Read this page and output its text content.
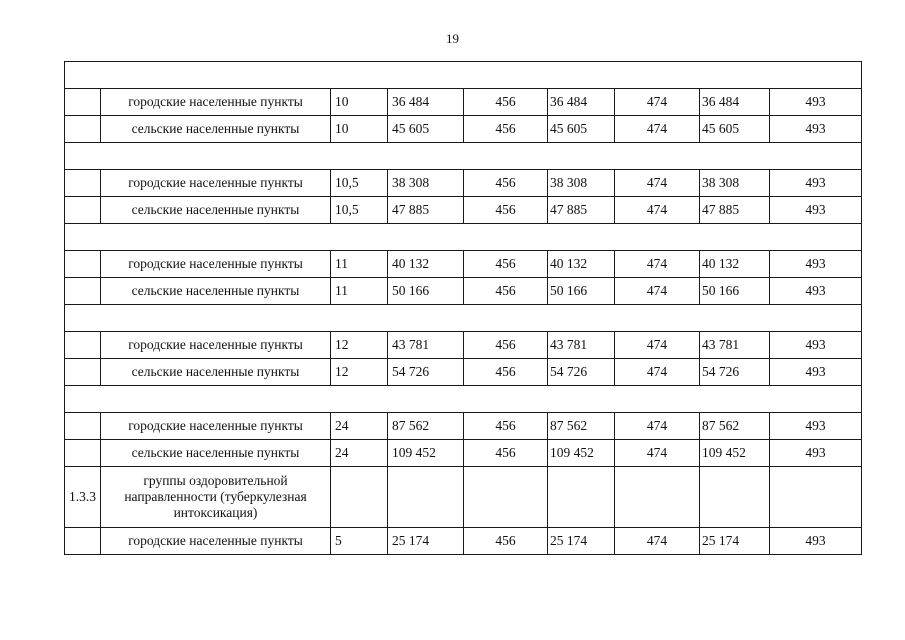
19

	городские населенные пункты	10	36 484	456	36 484	474	36 484	493
	сельские населенные пункты	10	45 605	456	45 605	474	45 605	493

	городские населенные пункты	10,5	38 308	456	38 308	474	38 308	493
	сельские населенные пункты	10,5	47 885	456	47 885	474	47 885	493

	городские населенные пункты	11	40 132	456	40 132	474	40 132	493
	сельские населенные пункты	11	50 166	456	50 166	474	50 166	493

	городские населенные пункты	12	43 781	456	43 781	474	43 781	493
	сельские населенные пункты	12	54 726	456	54 726	474	54 726	493

	городские населенные пункты	24	87 562	456	87 562	474	87 562	493
	сельские населенные пункты	24	109 452	456	109 452	474	109 452	493
1.3.3	группы оздоровительной направленности (туберкулезная интоксикация)							
	городские населенные пункты	5	25 174	456	25 174	474	25 174	493
